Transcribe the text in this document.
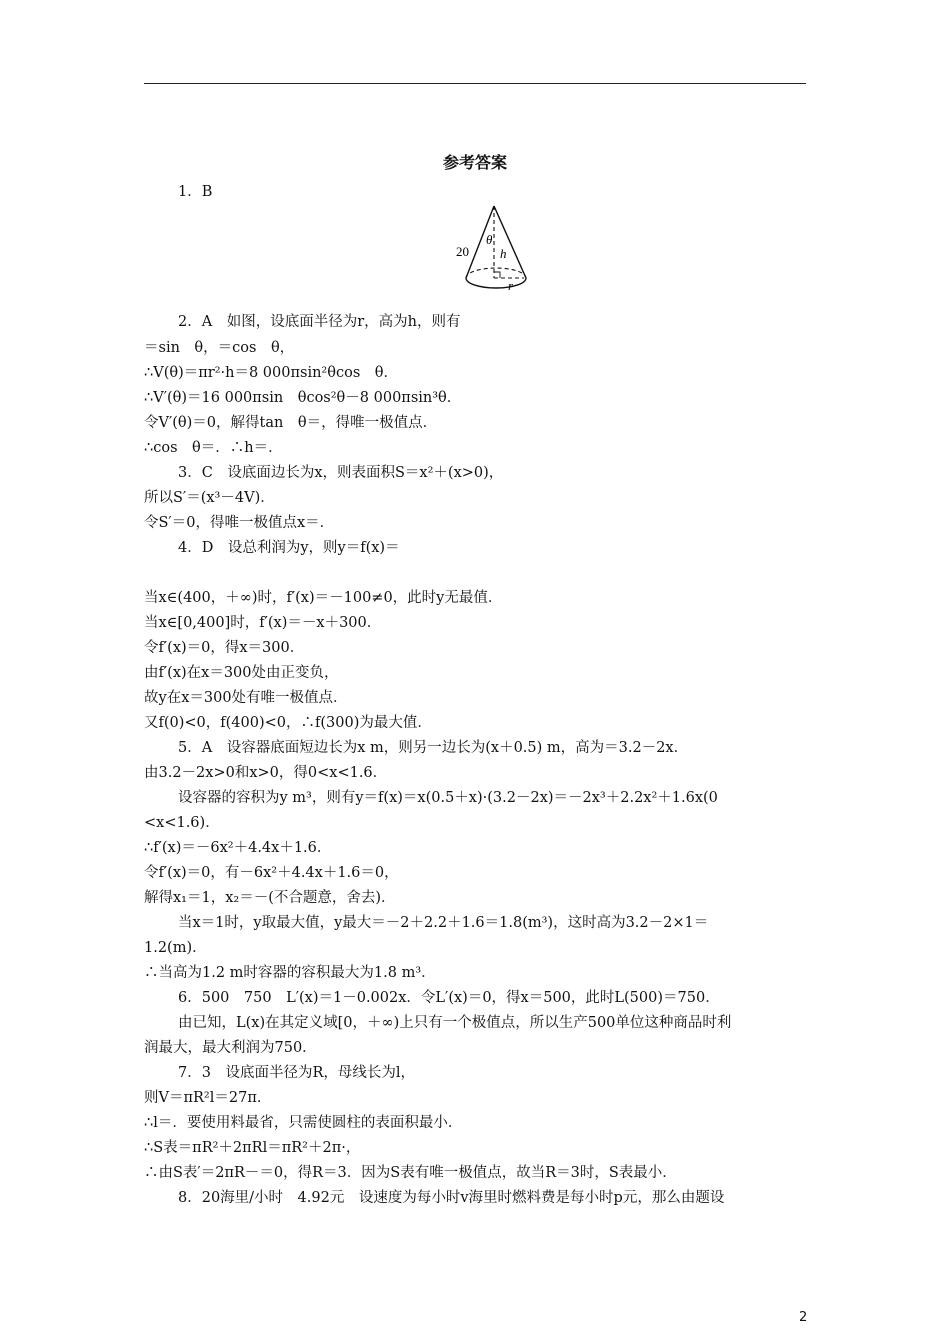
参考答案
1．B
20
θ
h
r
2．A　如图，设底面半径为r，高为h，则有
＝sin　θ，＝cos　θ，
∴V(θ)＝πr²·h＝8 000πsin²θcos　θ．
∴V′(θ)＝16 000πsin　θcos²θ－8 000πsin³θ．
令V′(θ)＝0，解得tan　θ＝，得唯一极值点．
∴cos　θ＝．∴h＝．
3．C　设底面边长为x，则表面积S＝x²＋(x>0)，
所以S′＝(x³－4V)．
令S′＝0，得唯一极值点x＝．
4．D　设总利润为y，则y＝f(x)＝
当x∈(400，＋∞)时，f′(x)＝－100≠0，此时y无最值．
当x∈[0,400]时，f′(x)＝－x＋300．
令f′(x)＝0，得x＝300．
由f′(x)在x＝300处由正变负，
故y在x＝300处有唯一极值点．
又f(0)<0，f(400)<0，∴f(300)为最大值．
5．A　设容器底面短边长为x m，则另一边长为(x＋0.5) m，高为＝3.2－2x．
由3.2－2x>0和x>0，得0<x<1.6．
设容器的容积为y m³，则有y＝f(x)＝x(0.5＋x)·(3.2－2x)＝－2x³＋2.2x²＋1.6x(0
<x<1.6)．
∴f′(x)＝－6x²＋4.4x＋1.6．
令f′(x)＝0，有－6x²＋4.4x＋1.6＝0，
解得x₁＝1，x₂＝－(不合题意，舍去)．
当x＝1时，y取最大值，y最大＝－2＋2.2＋1.6＝1.8(m³)，这时高为3.2－2×1＝
1.2(m)．
∴当高为1.2 m时容器的容积最大为1.8 m³．
6．500　750　L′(x)＝1－0.002x．令L′(x)＝0，得x＝500，此时L(500)＝750．
由已知，L(x)在其定义域[0，＋∞)上只有一个极值点，所以生产500单位这种商品时利
润最大，最大利润为750．
7．3　设底面半径为R，母线长为l，
则V＝πR²l＝27π．
∴l＝．要使用料最省，只需使圆柱的表面积最小．
∴S表＝πR²＋2πRl＝πR²＋2π·，
∴由S表′＝2πR－＝0，得R＝3．因为S表有唯一极值点，故当R＝3时，S表最小．
8．20海里/小时　4.92元　设速度为每小时v海里时燃料费是每小时p元，那么由题设
2
